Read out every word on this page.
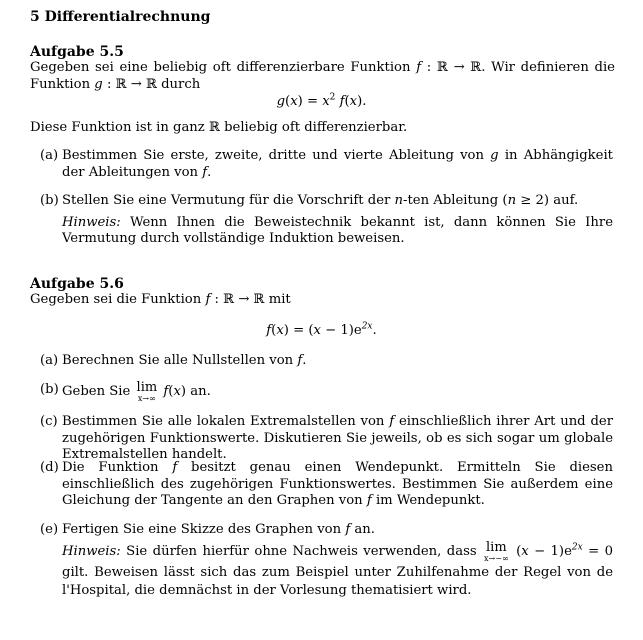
5 Differentialrechnung
Aufgabe 5.5
Gegeben sei eine beliebig oft differenzierbare Funktion f : ℝ → ℝ. Wir definieren die Funktion g : ℝ → ℝ durch
$g(x) = x^2$ f(x).
Diese Funktion ist in ganz ℝ beliebig oft differenzierbar.
(a) Bestimmen Sie erste, zweite, dritte und vierte Ableitung von g in Abhängigkeit der Ableitungen von f.
(b) Stellen Sie eine Vermutung für die Vorschrift der n-ten Ableitung (n ≥ 2) auf.
Hinweis: Wenn Ihnen die Beweistechnik bekannt ist, dann können Sie Ihre Vermutung durch vollständige Induktion beweisen.
Aufgabe 5.6
Gegeben sei die Funktion f : ℝ → ℝ mit
$f(x) = (x - 1)e^{2x}$.
(a) Berechnen Sie alle Nullstellen von f.
(b) Geben Sie lim
x→∞ f(x) an.
(c) Bestimmen Sie alle lokalen Extremalstellen von f einschließlich ihrer Art und der zugehörigen Funktionswerte. Diskutieren Sie jeweils, ob es sich sogar um globale Extremalstellen handelt.
(d) Die Funktion f besitzt genau einen Wendepunkt. Ermitteln Sie diesen einschließlich des zugehörigen Funktionswertes. Bestimmen Sie außerdem eine Gleichung der Tangente an den Graphen von f im Wendepunkt.
(e) Fertigen Sie eine Skizze des Graphen von f an.
Hinweis: Sie dürfen hierfür ohne Nachweis verwenden, dass lim
x→−∞ $(x - 1)e^{2x} = 0$ gilt. Beweisen lässt sich das zum Beispiel unter Zuhilfenahme der Regel von de l'Hospital, die demnächst in der Vorlesung thematisiert wird.
